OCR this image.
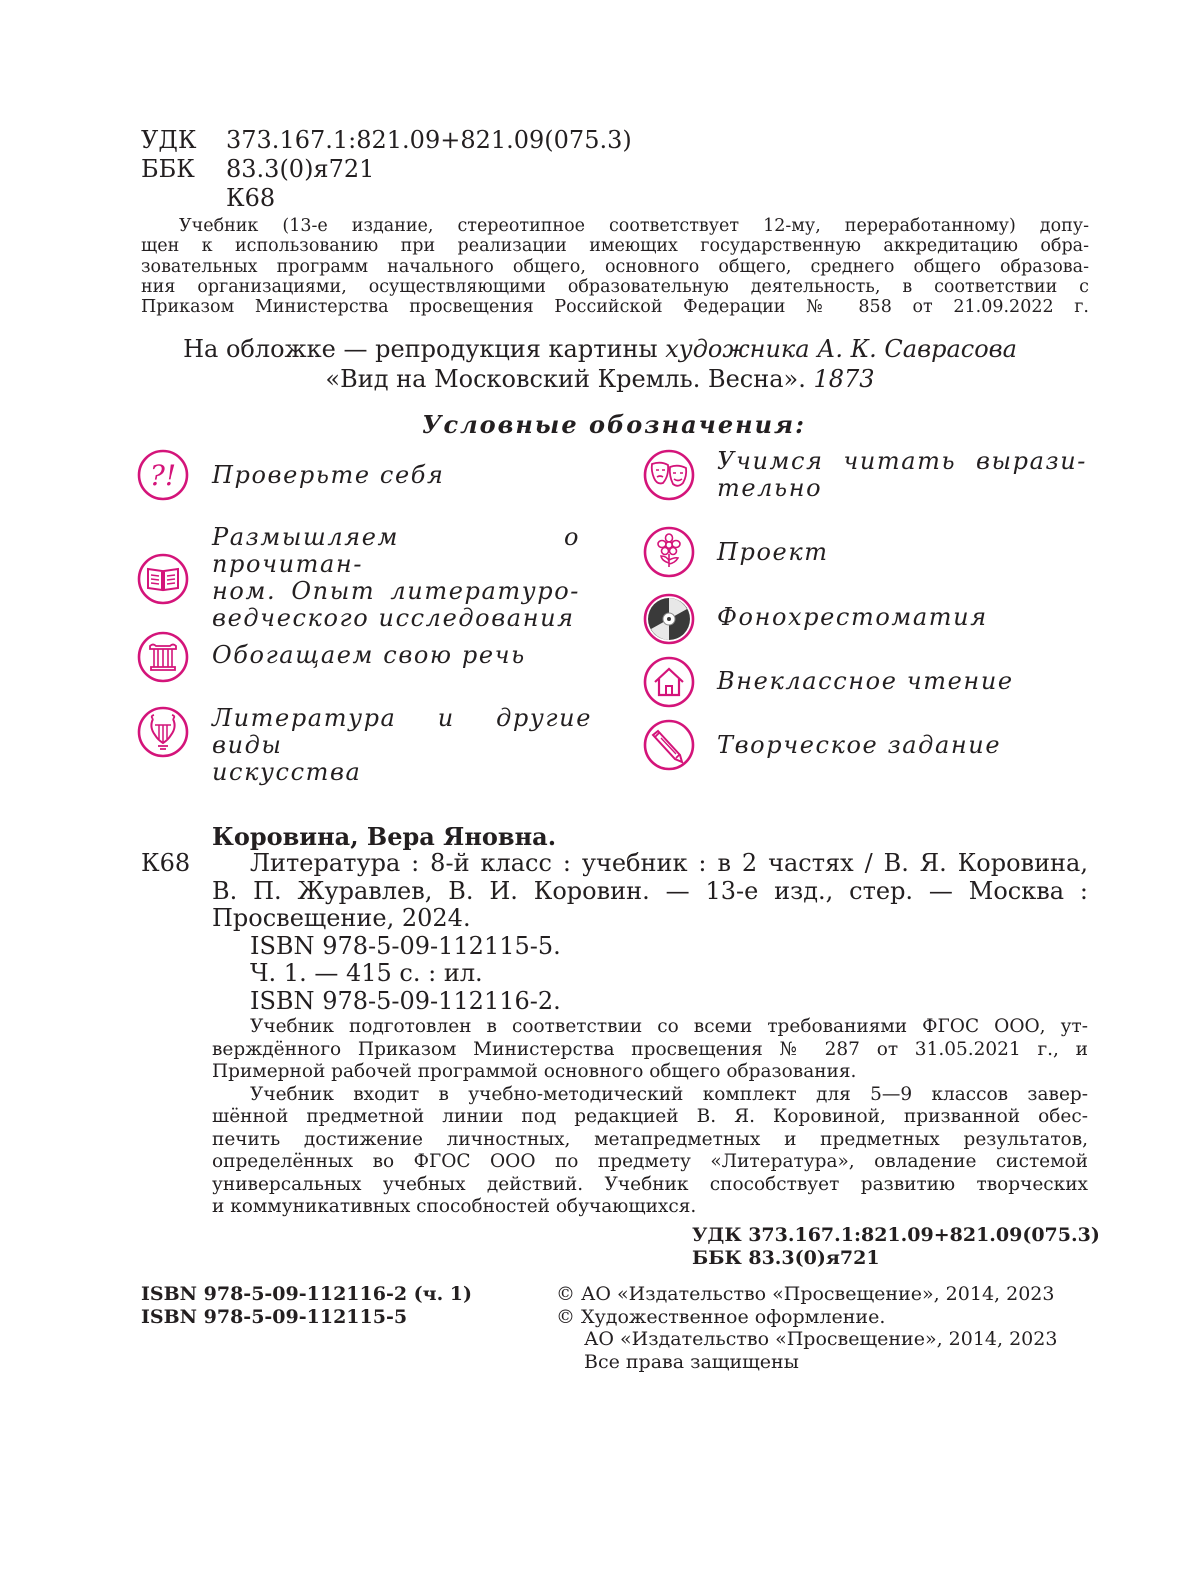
УДК 373.167.1:821.09+821.09(075.3)
ББК 83.3(0)я721
К68
Учебник (13-е издание, стереотипное соответствует 12-му, переработанному) допу-
щен к использованию при реализации имеющих государственную аккредитацию обра-
зовательных программ начального общего, основного общего, среднего общего образова-
ния организациями, осуществляющими образовательную деятельность, в соответствии с
Приказом Министерства просвещения Российской Федерации № 858 от 21.09.2022 г.
На обложке — репродукция картины художника А. К. Саврасова
«Вид на Московский Кремль. Весна». 1873
Условные обозначения:
?! Проверьте себя
Размышляем о прочитан-
ном. Опыт литературо-
ведческого исследования
Обогащаем свою речь
Литература и другие виды
искусства
Учимся читать вырази-
тельно
Проект
Фонохрестоматия
Внеклассное чтение
Творческое задание
Коровина, Вера Яновна.
К68	Литература : 8-й класс : учебник : в 2 частях / В. Я. Коровина,
В. П. Журавлев, В. И. Коровин. — 13-е изд., стер. — Москва :
Просвещение, 2024.
ISBN 978-5-09-112115-5.
Ч. 1. — 415 с. : ил.
ISBN 978-5-09-112116-2.
Учебник подготовлен в соответствии со всеми требованиями ФГОС ООО, ут-
верждённого Приказом Министерства просвещения № 287 от 31.05.2021 г., и
Примерной рабочей программой основного общего образования.
Учебник входит в учебно-методический комплект для 5—9 классов завер-
шённой предметной линии под редакцией В. Я. Коровиной, призванной обес-
печить достижение личностных, метапредметных и предметных результатов,
определённых во ФГОС ООО по предмету «Литература», овладение системой
универсальных учебных действий. Учебник способствует развитию творческих
и коммуникативных способностей обучающихся.
УДК 373.167.1:821.09+821.09(075.3)
ББК 83.3(0)я721
ISBN 978-5-09-112116-2 (ч. 1)
ISBN 978-5-09-112115-5
© АО «Издательство «Просвещение», 2014, 2023
© Художественное оформление.
АО «Издательство «Просвещение», 2014, 2023
Все права защищены
